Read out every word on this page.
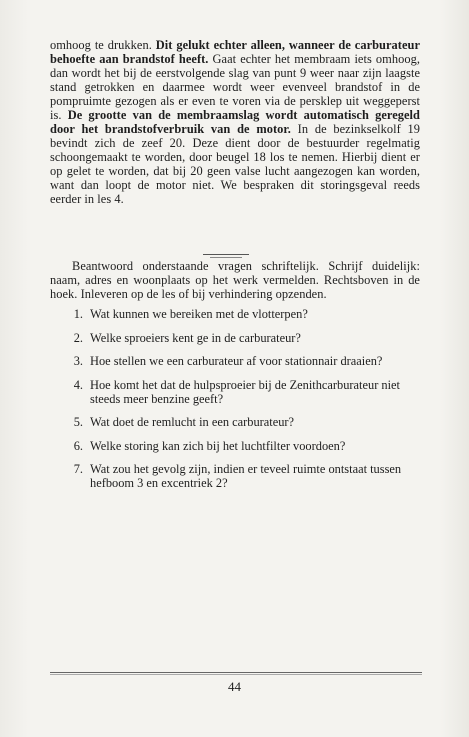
omhoog te drukken. Dit gelukt echter alleen, wanneer de carburateur behoefte aan brandstof heeft. Gaat echter het membraam iets omhoog, dan wordt het bij de eerstvolgende slag van punt 9 weer naar zijn laagste stand getrokken en daarmee wordt weer evenveel brandstof in de pompruimte gezogen als er even te voren via de persklep uit weggeperst is. De grootte van de membraamslag wordt automatisch geregeld door het brandstofverbruik van de motor. In de bezinkselkolf 19 bevindt zich de zeef 20. Deze dient door de bestuurder regelmatig schoongemaakt te worden, door beugel 18 los te nemen. Hierbij dient er op gelet te worden, dat bij 20 geen valse lucht aangezogen kan worden, want dan loopt de motor niet. We bespraken dit storingsgeval reeds eerder in les 4.
Beantwoord onderstaande vragen schriftelijk. Schrijf duidelijk: naam, adres en woonplaats op het werk vermelden. Rechtsboven in de hoek. Inleveren op de les of bij verhindering opzenden.
1. Wat kunnen we bereiken met de vlotterpen?
2. Welke sproeiers kent ge in de carburateur?
3. Hoe stellen we een carburateur af voor stationnair draaien?
4. Hoe komt het dat de hulpsproeier bij de Zenithcarburateur niet steeds meer benzine geeft?
5. Wat doet de remlucht in een carburateur?
6. Welke storing kan zich bij het luchtfilter voordoen?
7. Wat zou het gevolg zijn, indien er teveel ruimte ontstaat tussen hefboom 3 en excentriek 2?
44
